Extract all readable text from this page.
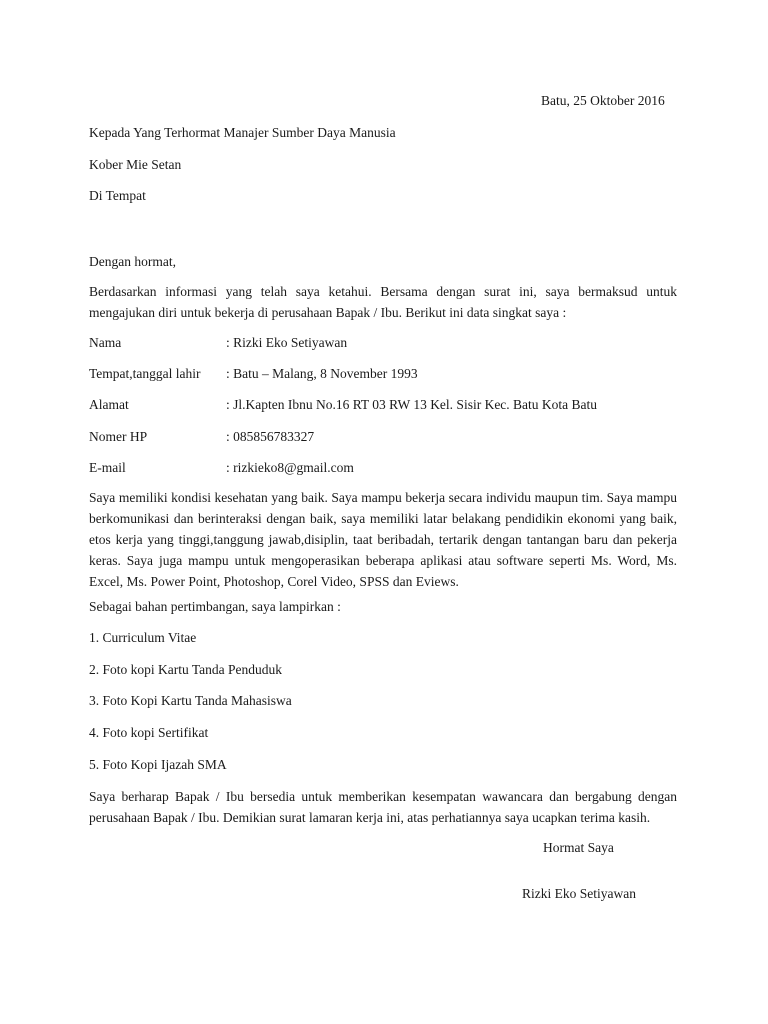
Batu, 25 Oktober 2016
Kepada Yang Terhormat Manajer Sumber Daya Manusia
Kober Mie Setan
Di Tempat
Dengan hormat,
Berdasarkan informasi yang telah saya ketahui. Bersama dengan surat ini, saya bermaksud untuk mengajukan diri untuk bekerja di perusahaan Bapak / Ibu. Berikut ini data singkat saya :
Nama	: Rizki Eko Setiyawan
Tempat,tanggal lahir : Batu – Malang, 8 November 1993
Alamat	: Jl.Kapten Ibnu No.16 RT 03 RW 13 Kel. Sisir Kec. Batu Kota Batu
Nomer HP	: 085856783327
E-mail	: rizkieko8@gmail.com
Saya memiliki kondisi kesehatan yang baik. Saya mampu bekerja secara individu maupun tim. Saya mampu berkomunikasi dan berinteraksi dengan baik, saya memiliki latar belakang pendidikin ekonomi yang baik, etos kerja yang tinggi,tanggung jawab,disiplin, taat beribadah, tertarik dengan tantangan baru dan pekerja keras. Saya juga mampu untuk mengoperasikan beberapa aplikasi atau software seperti Ms. Word, Ms. Excel, Ms. Power Point, Photoshop, Corel Video, SPSS dan Eviews.
Sebagai bahan pertimbangan, saya lampirkan :
1. Curriculum Vitae
2. Foto kopi Kartu Tanda Penduduk
3. Foto Kopi Kartu Tanda Mahasiswa
4. Foto kopi Sertifikat
5. Foto Kopi Ijazah SMA
Saya berharap Bapak / Ibu bersedia untuk memberikan kesempatan wawancara dan bergabung dengan perusahaan Bapak / Ibu. Demikian surat lamaran kerja ini, atas perhatiannya saya ucapkan terima kasih.
Hormat Saya
Rizki Eko Setiyawan
